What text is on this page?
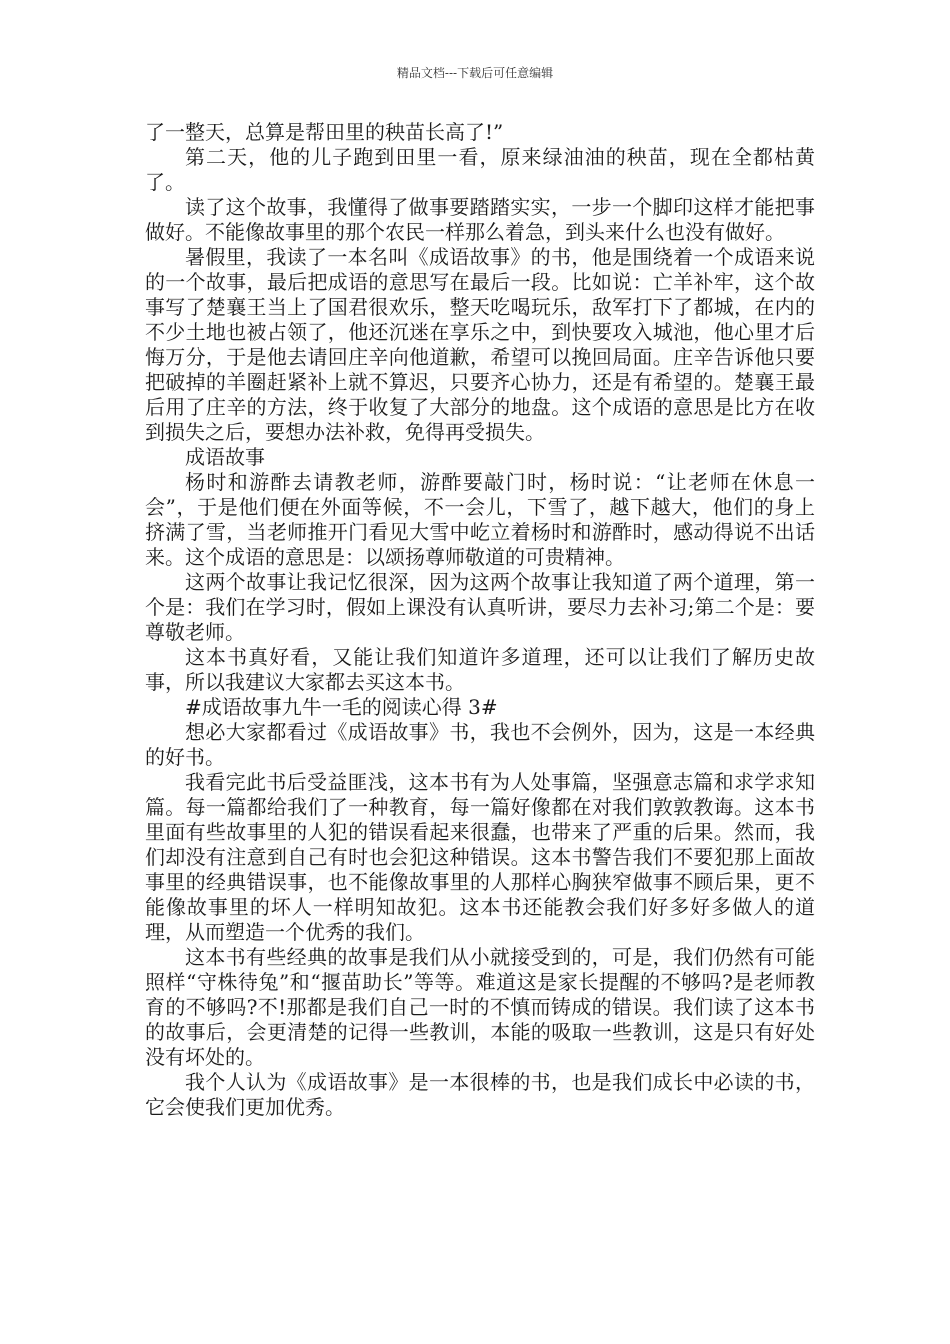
精品文档---下载后可任意编辑

了一整天，总算是帮田里的秧苗长高了!”

第二天，他的儿子跑到田里一看，原来绿油油的秧苗，现在全都枯黄了。

读了这个故事，我懂得了做事要踏踏实实，一步一个脚印这样才能把事做好。不能像故事里的那个农民一样那么着急，到头来什么也没有做好。

暑假里，我读了一本名叫《成语故事》的书，他是围绕着一个成语来说的一个故事，最后把成语的意思写在最后一段。比如说：亡羊补牢，这个故事写了楚襄王当上了国君很欢乐，整天吃喝玩乐，敌军打下了都城，在内的不少土地也被占领了，他还沉迷在享乐之中，到快要攻入城池，他心里才后悔万分，于是他去请回庄辛向他道歉，希望可以挽回局面。庄辛告诉他只要把破掉的羊圈赶紧补上就不算迟，只要齐心协力，还是有希望的。楚襄王最后用了庄辛的方法，终于收复了大部分的地盘。这个成语的意思是比方在收到损失之后，要想办法补救，免得再受损失。

成语故事

杨时和游酢去请教老师，游酢要敲门时，杨时说：“让老师在休息一会”，于是他们便在外面等候，不一会儿，下雪了，越下越大，他们的身上挤满了雪，当老师推开门看见大雪中屹立着杨时和游酢时，感动得说不出话来。这个成语的意思是：以颂扬尊师敬道的可贵精神。

这两个故事让我记忆很深，因为这两个故事让我知道了两个道理，第一个是：我们在学习时，假如上课没有认真听讲，要尽力去补习;第二个是：要尊敬老师。

这本书真好看，又能让我们知道许多道理，还可以让我们了解历史故事，所以我建议大家都去买这本书。

#成语故事九牛一毛的阅读心得 3#

想必大家都看过《成语故事》书，我也不会例外，因为，这是一本经典的好书。

我看完此书后受益匪浅，这本书有为人处事篇，坚强意志篇和求学求知篇。每一篇都给我们了一种教育，每一篇好像都在对我们敦敦教诲。这本书里面有些故事里的人犯的错误看起来很蠢，也带来了严重的后果。然而，我们却没有注意到自己有时也会犯这种错误。这本书警告我们不要犯那上面故事里的经典错误事，也不能像故事里的人那样心胸狭窄做事不顾后果，更不能像故事里的坏人一样明知故犯。这本书还能教会我们好多好多做人的道理，从而塑造一个优秀的我们。

这本书有些经典的故事是我们从小就接受到的，可是，我们仍然有可能照样“守株待兔”和“揠苗助长”等等。难道这是家长提醒的不够吗?是老师教育的不够吗?不!那都是我们自己一时的不慎而铸成的错误。我们读了这本书的故事后，会更清楚的记得一些教训，本能的吸取一些教训，这是只有好处没有坏处的。

我个人认为《成语故事》是一本很棒的书，也是我们成长中必读的书，它会使我们更加优秀。
